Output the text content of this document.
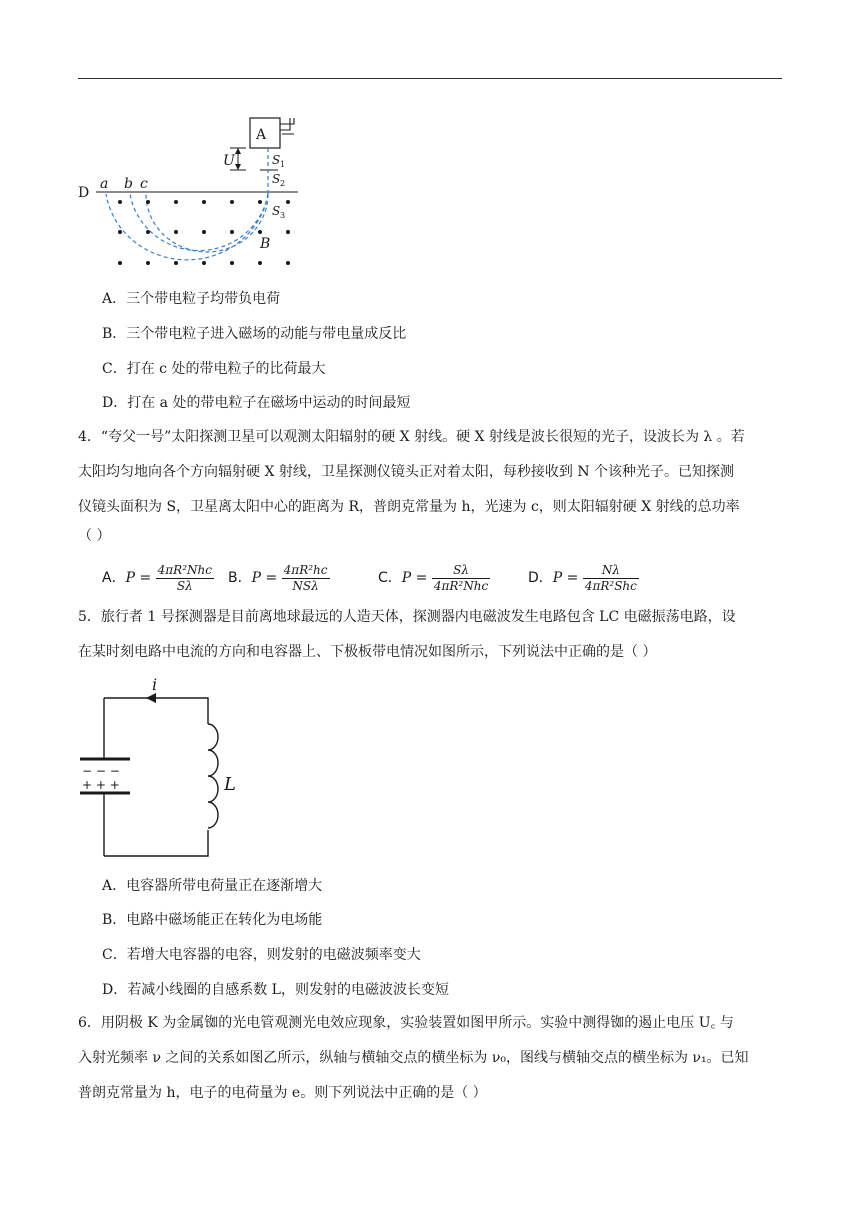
A
U	S 1
S 2
D
a b c
S 3
B
A．三个带电粒子均带负电荷
B．三个带电粒子进入磁场的动能与带电量成反比
C．打在 c 处的带电粒子的比荷最大
D．打在 a 处的带电粒子在磁场中运动的时间最短
4．“夸父一号”太阳探测卫星可以观测太阳辐射的硬 X 射线。硬 X 射线是波长很短的光子，设波长为 λ 。若
太阳均匀地向各个方向辐射硬 X 射线，卫星探测仪镜头正对着太阳，每秒接收到 N 个该种光子。已知探测
仪镜头面积为 S，卫星离太阳中心的距离为 R，普朗克常量为 h，光速为 c，则太阳辐射硬 X 射线的总功率
（ ）
A．$P = \frac{\text{4πR²Nhc}}{S\lambda}$ B．$P = \frac{\text{4πR²hc}}{\text{NSλ}}$	C．$P = \frac{S\lambda}{\text{4πR²Nhc}}$	D．$P = \frac{N\lambda}{\text{4πR²Shc}}$
5．旅行者 1 号探测器是目前离地球最远的人造天体，探测器内电磁波发生电路包含 LC 电磁振荡电路，设
在某时刻电路中电流的方向和电容器上、下极板带电情况如图所示，下列说法中正确的是（ ）
i
− − −
+ + +	L
A．电容器所带电荷量正在逐渐增大
B．电路中磁场能正在转化为电场能
C．若增大电容器的电容，则发射的电磁波频率变大
D．若减小线圈的自感系数 L，则发射的电磁波波长变短
6．用阴极 K 为金属铷的光电管观测光电效应现象，实验装置如图甲所示。实验中测得铷的遏止电压 U꜀ 与
入射光频率 ν 之间的关系如图乙所示，纵轴与横轴交点的横坐标为 ν₀，图线与横轴交点的横坐标为 ν₁。已知
普朗克常量为 h，电子的电荷量为 e。则下列说法中正确的是（ ）
